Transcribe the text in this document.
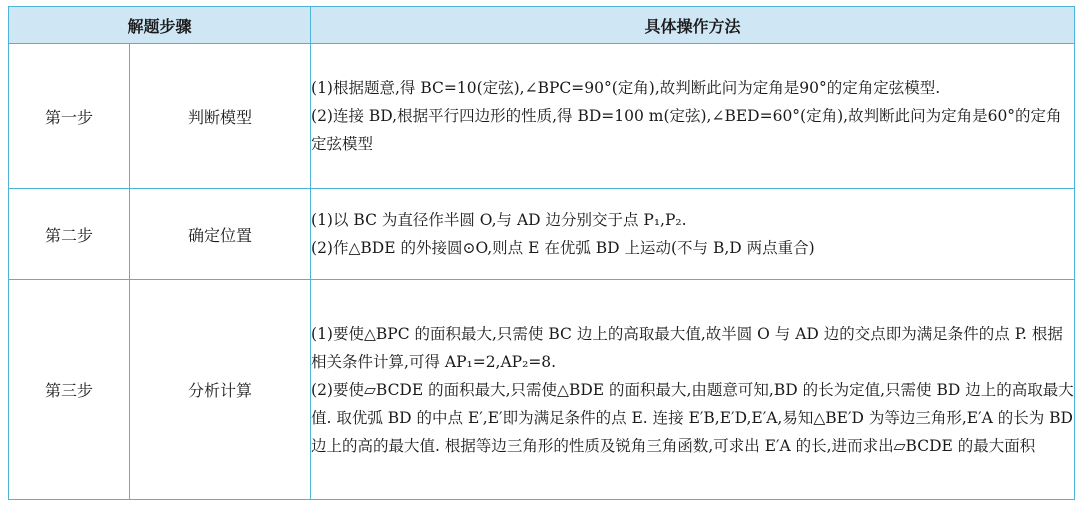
解题步骤		具体操作方法
第一步	判断模型	(1)根据题意,得 BC=10(定弦),∠BPC=90°(定角),故判断此问为定角是90°的定角定弦模型.

(2)连接 BD,根据平行四边形的性质,得 BD=100 m(定弦),∠BED=60°(定角),故判断此问为定角是60°的定角定弦模型

第二步	确定位置	(1)以 BC 为直径作半圆 O,与 AD 边分别交于点 P₁,P₂.

(2)作△BDE 的外接圆⊙O,则点 E 在优弧 BD 上运动(不与 B,D 两点重合)

第三步	分析计算	(1)要使△BPC 的面积最大,只需使 BC 边上的高取最大值,故半圆 O 与 AD 边的交点即为满足条件的点 P. 根据相关条件计算,可得 AP₁=2,AP₂=8.

(2)要使▱BCDE 的面积最大,只需使△BDE 的面积最大,由题意可知,BD 的长为定值,只需使 BD 边上的高取最大值. 取优弧 BD 的中点 E′,E′即为满足条件的点 E. 连接 E′B,E′D,E′A,易知△BE′D 为等边三角形,E′A 的长为 BD 边上的高的最大值. 根据等边三角形的性质及锐角三角函数,可求出 E′A 的长,进而求出▱BCDE 的最大面积
